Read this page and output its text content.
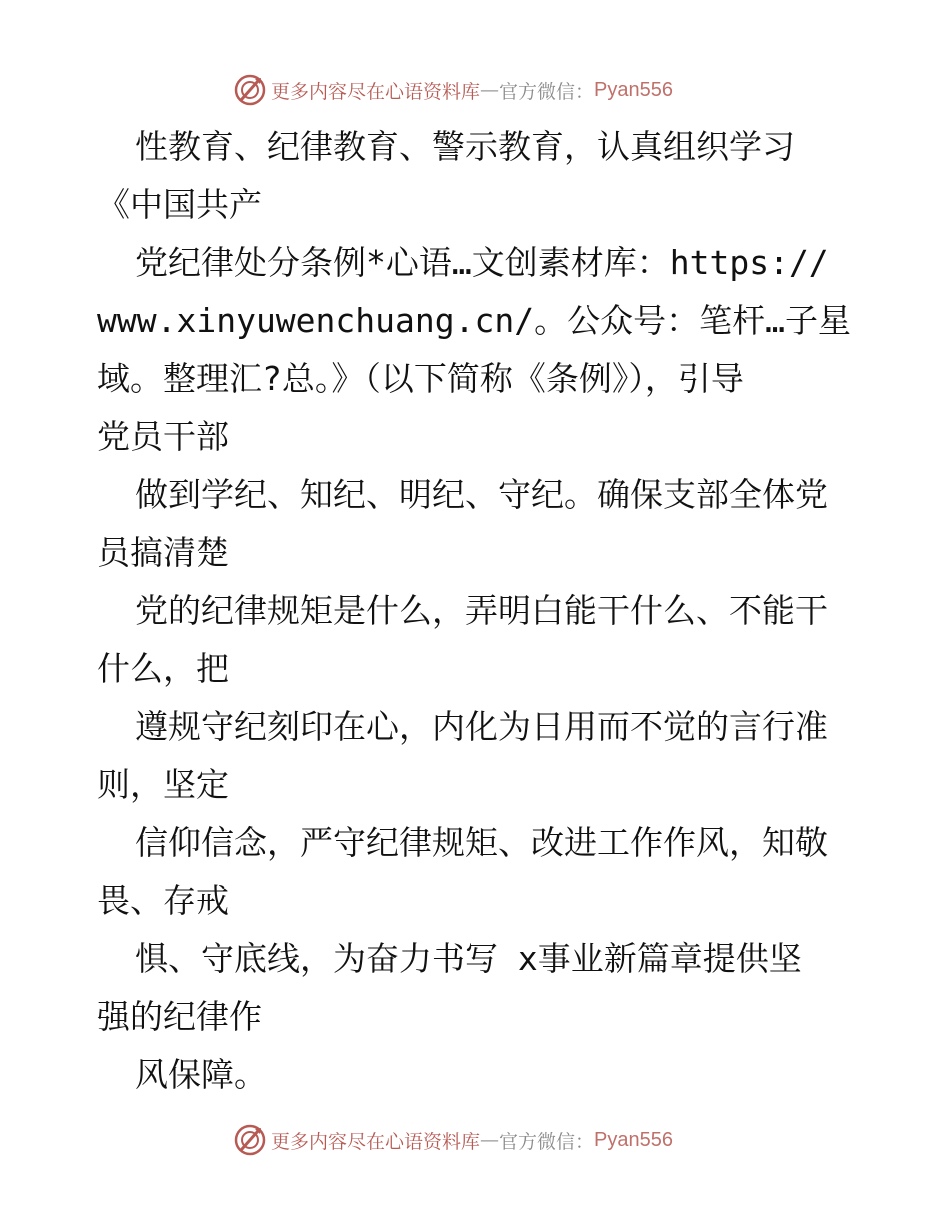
更多内容尽在心语资料库 — 官方微信： Pyan556
性教育、纪律教育、警示教育，认真组织学习
《中国共产
党纪律处分条例*心语…文创素材库：https://
www.xinyuwenchuang.cn/。公众号：笔杆…子星
域。整理汇?总。》（以下简称《条例》），引导
党员干部
做到学纪、知纪、明纪、守纪。确保支部全体党
员搞清楚
党的纪律规矩是什么，弄明白能干什么、不能干
什么，把
遵规守纪刻印在心，内化为日用而不觉的言行准
则，坚定
信仰信念，严守纪律规矩、改进工作作风，知敬
畏、存戒
惧、守底线，为奋力书写 x事业新篇章提供坚
强的纪律作
风保障。
更多内容尽在心语资料库 — 官方微信： Pyan556
